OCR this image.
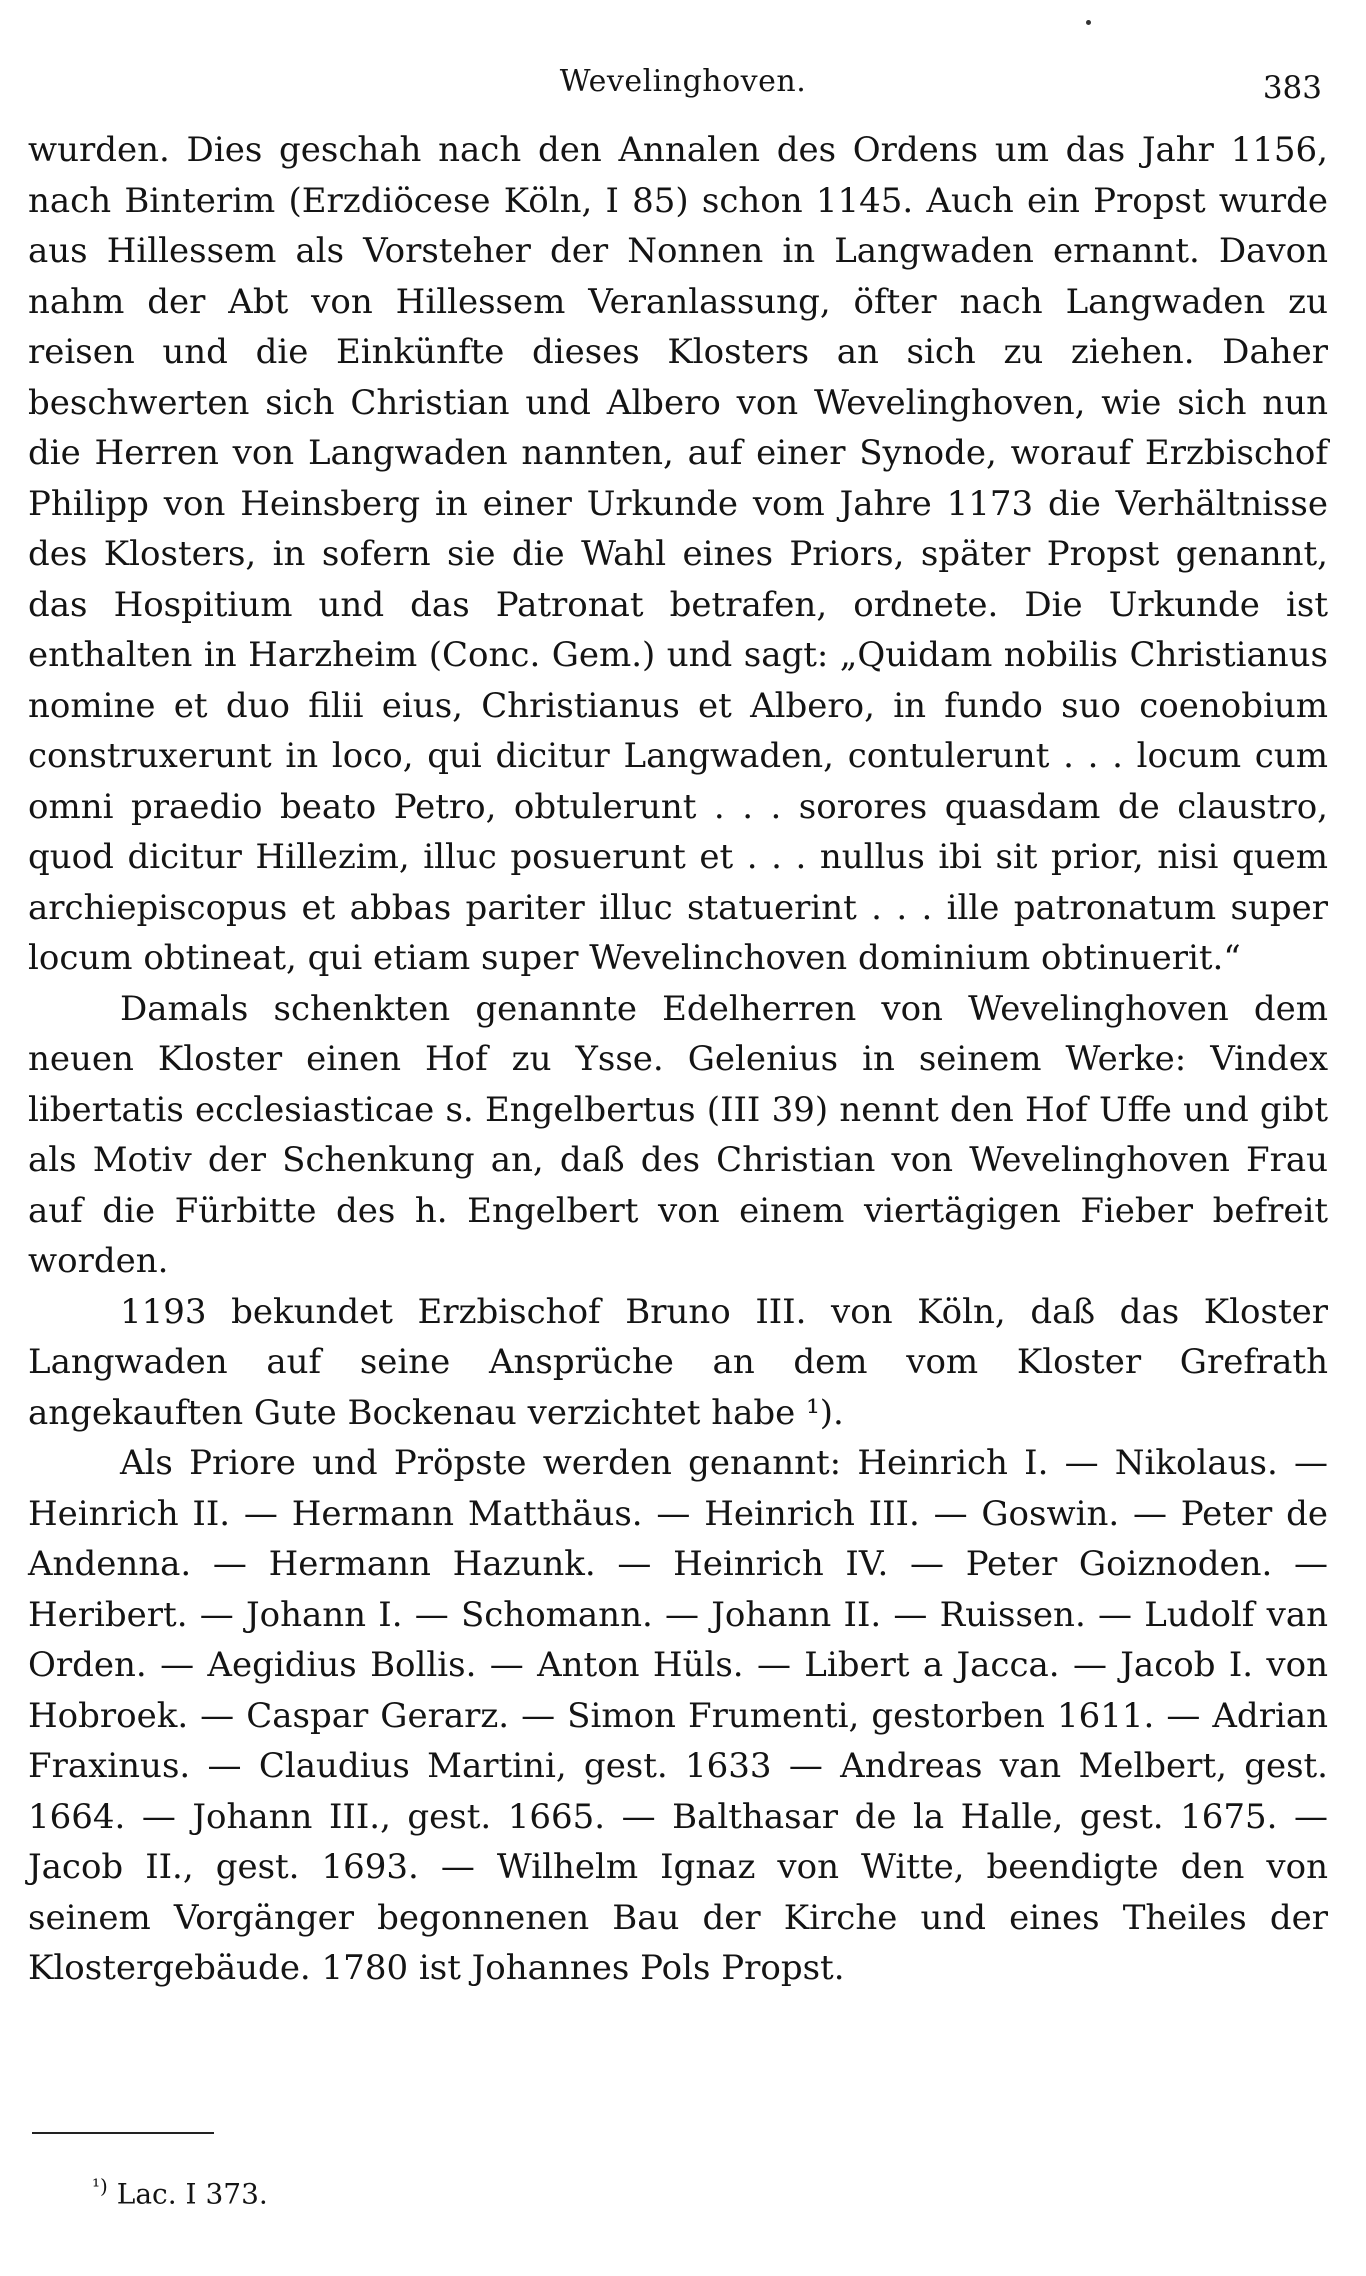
Wevelinghoven.	383

wurden. Dies geschah nach den Annalen des Ordens um das Jahr 1156, nach Binterim (Erzdiöcese Köln, I 85) schon 1145. Auch ein Propst wurde aus Hillessem als Vorsteher der Nonnen in Langwaden ernannt. Davon nahm der Abt von Hillessem Veranlassung, öfter nach Langwaden zu reisen und die Einkünfte dieses Klosters an sich zu ziehen. Daher beschwerten sich Christian und Albero von Wevelinghoven, wie sich nun die Herren von Langwaden nannten, auf einer Synode, worauf Erzbischof Philipp von Heinsberg in einer Urkunde vom Jahre 1173 die Verhältnisse des Klosters, in sofern sie die Wahl eines Priors, später Propst genannt, das Hospitium und das Patronat betrafen, ordnete. Die Urkunde ist enthalten in Harzheim (Conc. Gem.) und sagt: „Quidam nobilis Christianus nomine et duo filii eius, Christianus et Albero, in fundo suo coenobium construxerunt in loco, qui dicitur Langwaden, contulerunt . . . locum cum omni praedio beato Petro, obtulerunt . . . sorores quasdam de claustro, quod dicitur Hillezim, illuc posuerunt et . . . nullus ibi sit prior, nisi quem archiepiscopus et abbas pariter illuc statuerint . . . ille patronatum super locum obtineat, qui etiam super Wevelinchoven dominium obtinuerit.“

Damals schenkten genannte Edelherren von Wevelinghoven dem neuen Kloster einen Hof zu Ysse. Gelenius in seinem Werke: Vindex libertatis ecclesiasticae s. Engelbertus (III 39) nennt den Hof Uffe und gibt als Motiv der Schenkung an, daß des Christian von Wevelinghoven Frau auf die Fürbitte des h. Engelbert von einem viertägigen Fieber befreit worden.

1193 bekundet Erzbischof Bruno III. von Köln, daß das Kloster Langwaden auf seine Ansprüche an dem vom Kloster Grefrath angekauften Gute Bockenau verzichtet habe ¹).

Als Priore und Pröpste werden genannt: Heinrich I. — Nikolaus. — Heinrich II. — Hermann Matthäus. — Heinrich III. — Goswin. — Peter de Andenna. — Hermann Hazunk. — Heinrich IV. — Peter Goiznoden. — Heribert. — Johann I. — Schomann. — Johann II. — Ruissen. — Ludolf van Orden. — Aegidius Bollis. — Anton Hüls. — Libert a Jacca. — Jacob I. von Hobroek. — Caspar Gerarz. — Simon Frumenti, gestorben 1611. — Adrian Fraxinus. — Claudius Martini, gest. 1633 — Andreas van Melbert, gest. 1664. — Johann III., gest. 1665. — Balthasar de la Halle, gest. 1675. — Jacob II., gest. 1693. — Wilhelm Ignaz von Witte, beendigte den von seinem Vorgänger begonnenen Bau der Kirche und eines Theiles der Klostergebäude. 1780 ist Johannes Pols Propst.

$^{^1)}$ Lac. I 373.
